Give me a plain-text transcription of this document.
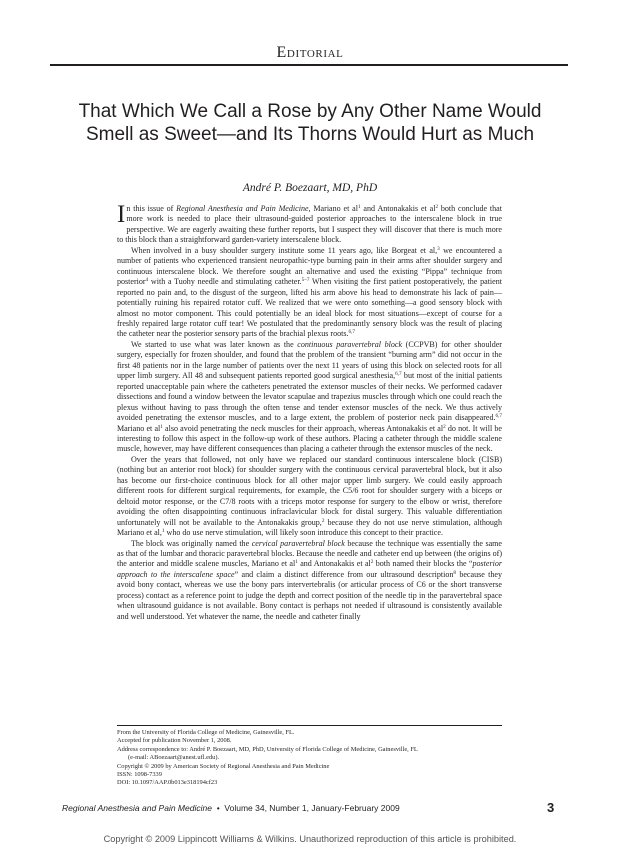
Editorial
That Which We Call a Rose by Any Other Name Would Smell as Sweet—and Its Thorns Would Hurt as Much
André P. Boezaart, MD, PhD

In this issue of Regional Anesthesia and Pain Medicine, Mariano et $al^1$ and Antonakakis et $al^2$ both conclude that more work is needed to place their ultrasound-guided posterior approaches to the interscalene block in true perspective. We are eagerly awaiting these further reports, but I suspect they will discover that there is much more to this block than a straightforward garden-variety interscalene block.

When involved in a busy shoulder surgery institute some 11 years ago, like Borgeat et al,$^3$ we encountered a number of patients who experienced transient neuropathic-type burning pain in their arms after shoulder surgery and continuous interscalene block. We therefore sought an alternative and used the existing “Pippa” technique from posterior$^4$ with a Tuohy needle and stimulating catheter.$^{5-7}$ When visiting the first patient postoperatively, the patient reported no pain and, to the disgust of the surgeon, lifted his arm above his head to demonstrate his lack of pain—potentially ruining his repaired rotator cuff. We realized that we were onto something—a good sensory block with almost no motor component. This could potentially be an ideal block for most situations—except of course for a freshly repaired large rotator cuff tear! We postulated that the predominantly sensory block was the result of placing the catheter near the posterior sensory parts of the brachial plexus roots.$^{6,7}$

We started to use what was later known as the continuous paravertebral block (CCPVB) for other shoulder surgery, especially for frozen shoulder, and found that the problem of the transient “burning arm” did not occur in the first 48 patients nor in the large number of patients over the next 11 years of using this block on selected roots for all upper limb surgery. All 48 and subsequent patients reported good surgical anesthesia,$^{6,7}$ but most of the initial patients reported unacceptable pain where the catheters penetrated the extensor muscles of their necks. We performed cadaver dissections and found a window between the levator scapulae and trapezius muscles through which one could reach the plexus without having to pass through the often tense and tender extensor muscles of the neck. We thus actively avoided penetrating the extensor muscles, and to a large extent, the problem of posterior neck pain disappeared.$^{6,7}$ Mariano et $al^1$ also avoid penetrating the neck muscles for their approach, whereas Antonakakis et $al^2$ do not. It will be interesting to follow this aspect in the follow-up work of these authors. Placing a catheter through the middle scalene muscle, however, may have different consequences than placing a catheter through the extensor muscles of the neck.

Over the years that followed, not only have we replaced our standard continuous interscalene block (CISB) (nothing but an anterior root block) for shoulder surgery with the continuous cervical paravertebral block, but it also has become our first-choice continuous block for all other major upper limb surgery. We could easily approach different roots for different surgical requirements, for example, the C5/6 root for shoulder surgery with a biceps or deltoid motor response, or the C7/8 roots with a triceps motor response for surgery to the elbow or wrist, therefore avoiding the often disappointing continuous infraclavicular block for distal surgery. This valuable differentiation unfortunately will not be available to the Antonakakis group,$^2$ because they do not use nerve stimulation, although Mariano et al,$^1$ who do use nerve stimulation, will likely soon introduce this concept to their practice.

The block was originally named the cervical paravertebral block because the technique was essentially the same as that of the lumbar and thoracic paravertebral blocks. Because the needle and catheter end up between (the origins of) the anterior and middle scalene muscles, Mariano et $al^1$ and Antonakakis et $al^2$ both named their blocks the “posterior approach to the interscalene space” and claim a distinct difference from our ultrasound description$^8$ because they avoid bony contact, whereas we use the bony pars intervertebralis (or articular process of C6 or the short transverse process) contact as a reference point to judge the depth and correct position of the needle tip in the paravertebral space when ultrasound guidance is not available. Bony contact is perhaps not needed if ultrasound is consistently available and well understood. Yet whatever the name, the needle and catheter finally

From the University of Florida College of Medicine, Gainesville, FL.
Accepted for publication November 1, 2008.
Address correspondence to: André P. Boezaart, MD, PhD, University of Florida College of Medicine, Gainesville, FL
(e-mail: ABoezaart@anest.ufl.edu).
Copyright © 2009 by American Society of Regional Anesthesia and Pain Medicine
ISSN: 1098-7339
DOI: 10.1097/AAP.0b013e318194cf23
Regional Anesthesia and Pain Medicine • Volume 34, Number 1, January-February 2009	3
Copyright © 2009 Lippincott Williams & Wilkins. Unauthorized reproduction of this article is prohibited.
